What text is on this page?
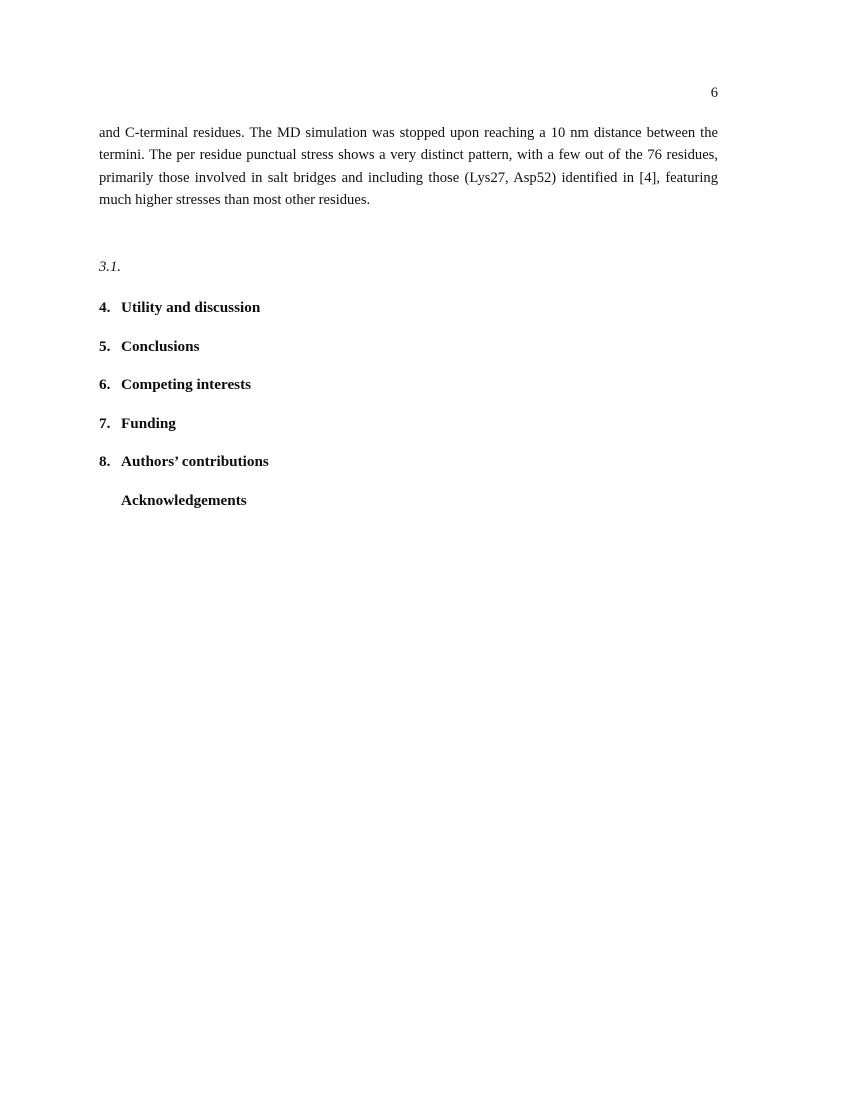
6

and C-terminal residues. The MD simulation was stopped upon reaching a 10 nm distance between the termini. The per residue punctual stress shows a very distinct pattern, with a few out of the 76 residues, primarily those involved in salt bridges and including those (Lys27, Asp52) identified in [4], featuring much higher stresses than most other residues.

3.1.
4. Utility and discussion
5. Conclusions
6. Competing interests
7. Funding
8. Authors’ contributions
Acknowledgements
